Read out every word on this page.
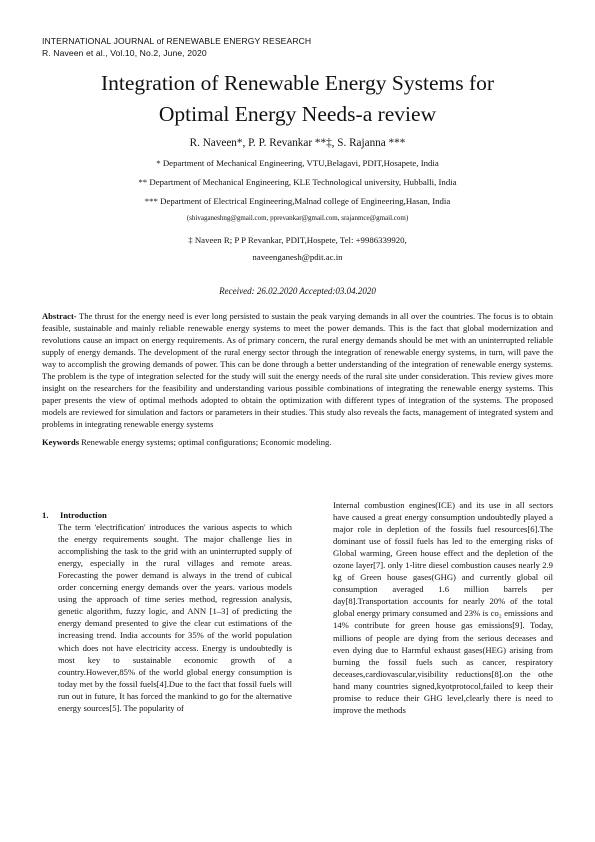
INTERNATIONAL JOURNAL of RENEWABLE ENERGY RESEARCH
R. Naveen et al., Vol.10, No.2, June, 2020
Integration of Renewable Energy Systems for
Optimal Energy Needs-a review
R. Naveen*, P. P. Revankar **‡, S. Rajanna ***
* Department of Mechanical Engineering, VTU,Belagavi, PDIT,Hosapete, India
** Department of Mechanical Engineering, KLE Technological university, Hubballi, India
*** Department of Electrical Engineering,Malnad college of Engineering,Hasan, India
(shivaganeshng@gmail.com, pprevankar@gmail.com, srajanmce@gmail.com)
‡ Naveen R; P P Revankar, PDIT,Hospete, Tel: +9986339920,
naveenganesh@pdit.ac.in
Received: 26.02.2020 Accepted:03.04.2020
Abstract- The thrust for the energy need is ever long persisted to sustain the peak varying demands in all over the countries. The focus is to obtain feasible, sustainable and mainly reliable renewable energy systems to meet the power demands. This is the fact that global modernization and revolutions cause an impact on energy requirements. As of primary concern, the rural energy demands should be met with an uninterrupted reliable supply of energy demands. The development of the rural energy sector through the integration of renewable energy systems, in turn, will pave the way to accomplish the growing demands of power. This can be done through a better understanding of the integration of renewable energy systems. The problem is the type of integration selected for the study will suit the energy needs of the rural site under consideration. This review gives more insight on the researchers for the feasibility and understanding various possible combinations of integrating the renewable energy systems. This paper presents the view of optimal methods adopted to obtain the optimization with different types of integration of the systems. The proposed models are reviewed for simulation and factors or parameters in their studies. This study also reveals the facts, management of integrated system and problems in integrating renewable energy systems
Keywords Renewable energy systems; optimal configurations; Economic modeling.

1. Introduction

The term 'electrification' introduces the various aspects to which the energy requirements sought. The major challenge lies in accomplishing the task to the grid with an uninterrupted supply of energy, especially in the rural villages and remote areas. Forecasting the power demand is always in the trend of cubical order concerning energy demands over the years. various models using the approach of time series method, regression analysis, genetic algorithm, fuzzy logic, and ANN [1–3] of predicting the energy demand presented to give the clear cut estimations of the increasing trend. India accounts for 35% of the world population which does not have electricity access. Energy is undoubtedly is most key to sustainable economic growth of a country.However,85% of the world global energy consumption is today met by the fossil fuels[4].Due to the fact that fossil fuels will run out in future, It has forced the mankind to go for the alternative energy sources[5]. The popularity of

Internal combustion engines(ICE) and its use in all sectors have caused a great energy consumption undoubtedly played a major role in depletion of the fossils fuel resources[6].The dominant use of fossil fuels has led to the emerging risks of Global warming, Green house effect and the depletion of the ozone layer[7]. only 1-litre diesel combustion causes nearly 2.9 kg of Green house gases(GHG) and currently global oil consumption averaged 1.6 million barrels per day[8].Transportation accounts for nearly 20% of the total global energy primary consumed and 23% is co₂ emissions and 14% contribute for green house gas emissions[9]. Today, millions of people are dying from the serious deceases and even dying due to Harmful exhaust gases(HEG) arising from burning the fossil fuels such as cancer, respiratory deceases,cardiovascular,visibility reductions[8].on the othe hand many countries signed,kyotprotocol,failed to keep their promise to reduce their GHG level,clearly there is need to improve the methods
